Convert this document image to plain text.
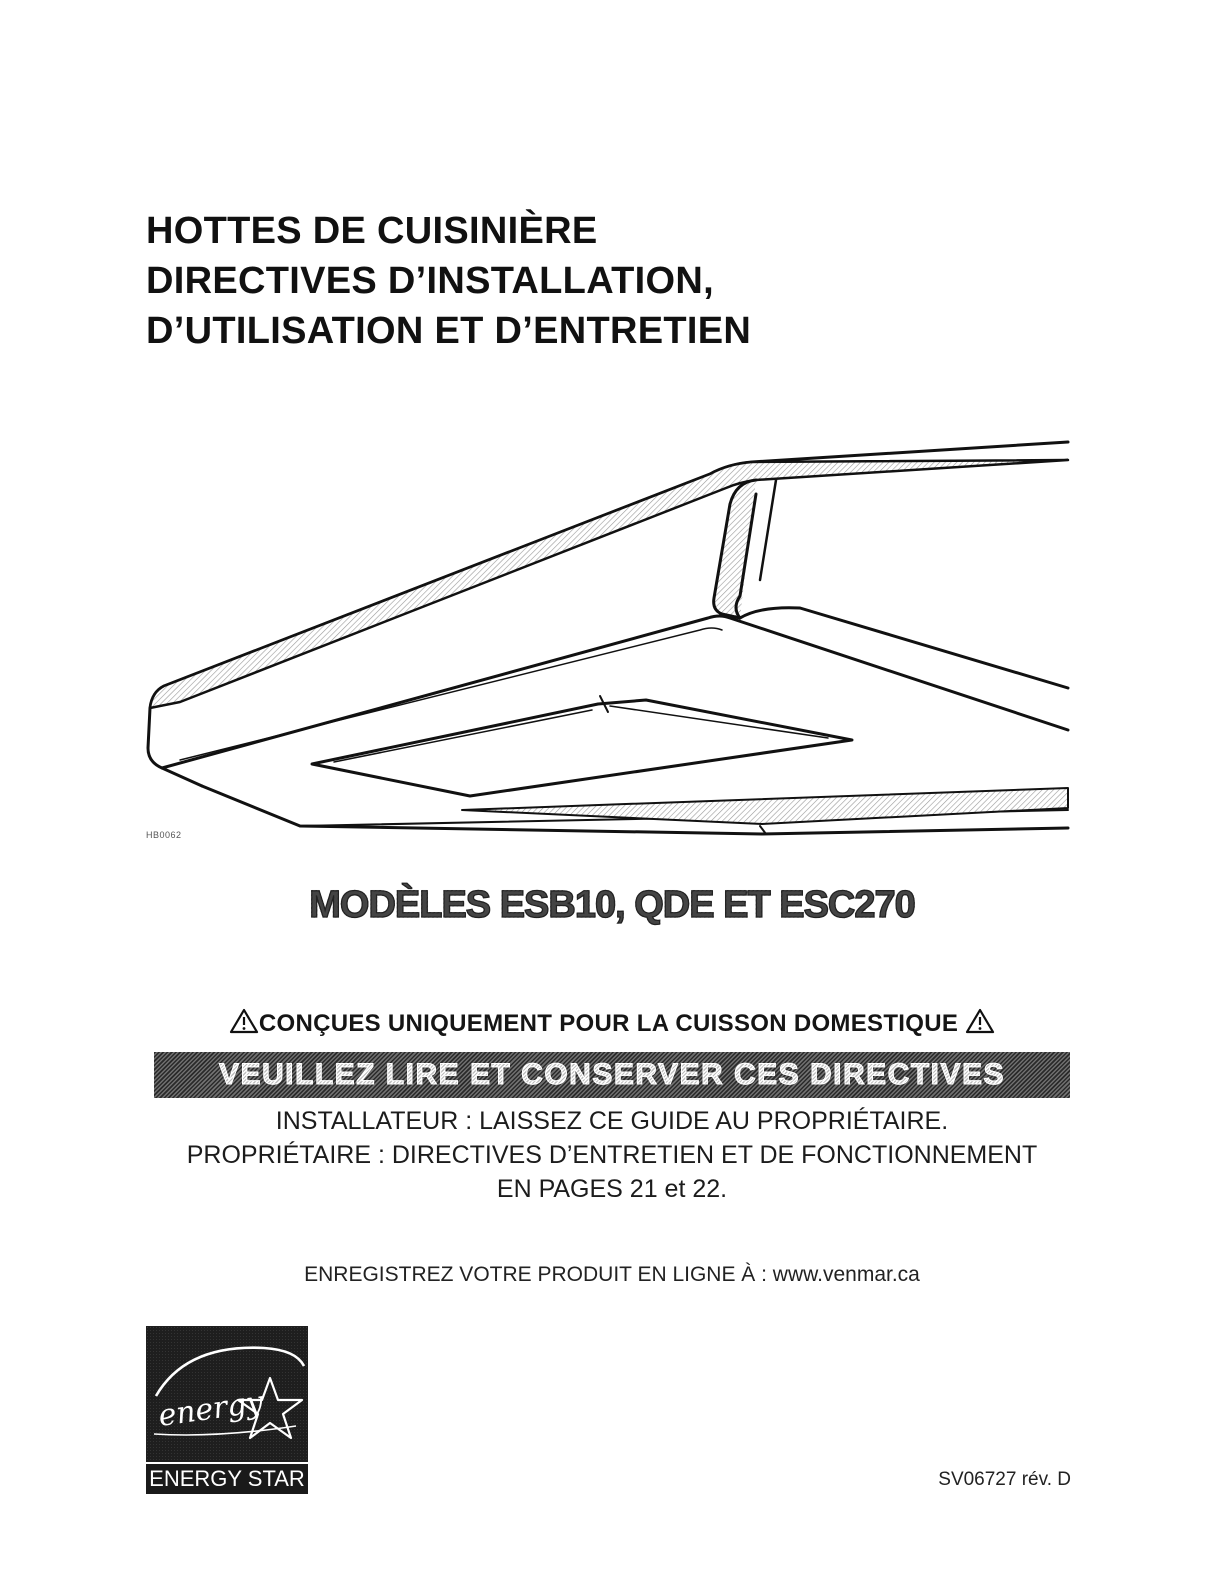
HOTTES DE CUISINIÈRE
DIRECTIVES D’INSTALLATION,
D’UTILISATION ET D’ENTRETIEN
HB0062
MODÈLES ESB10, QDE ET ESC270
CONÇUES UNIQUEMENT POUR LA CUISSON DOMESTIQUE
VEUILLEZ LIRE ET CONSERVER CES DIRECTIVES
INSTALLATEUR : LAISSEZ CE GUIDE AU PROPRIÉTAIRE.
PROPRIÉTAIRE : DIRECTIVES D’ENTRETIEN ET DE FONCTIONNEMENT
EN PAGES 21 et 22.
ENREGISTREZ VOTRE PRODUIT EN LIGNE À : www.venmar.ca
energy
ENERGY STAR	SV06727 rév. D
